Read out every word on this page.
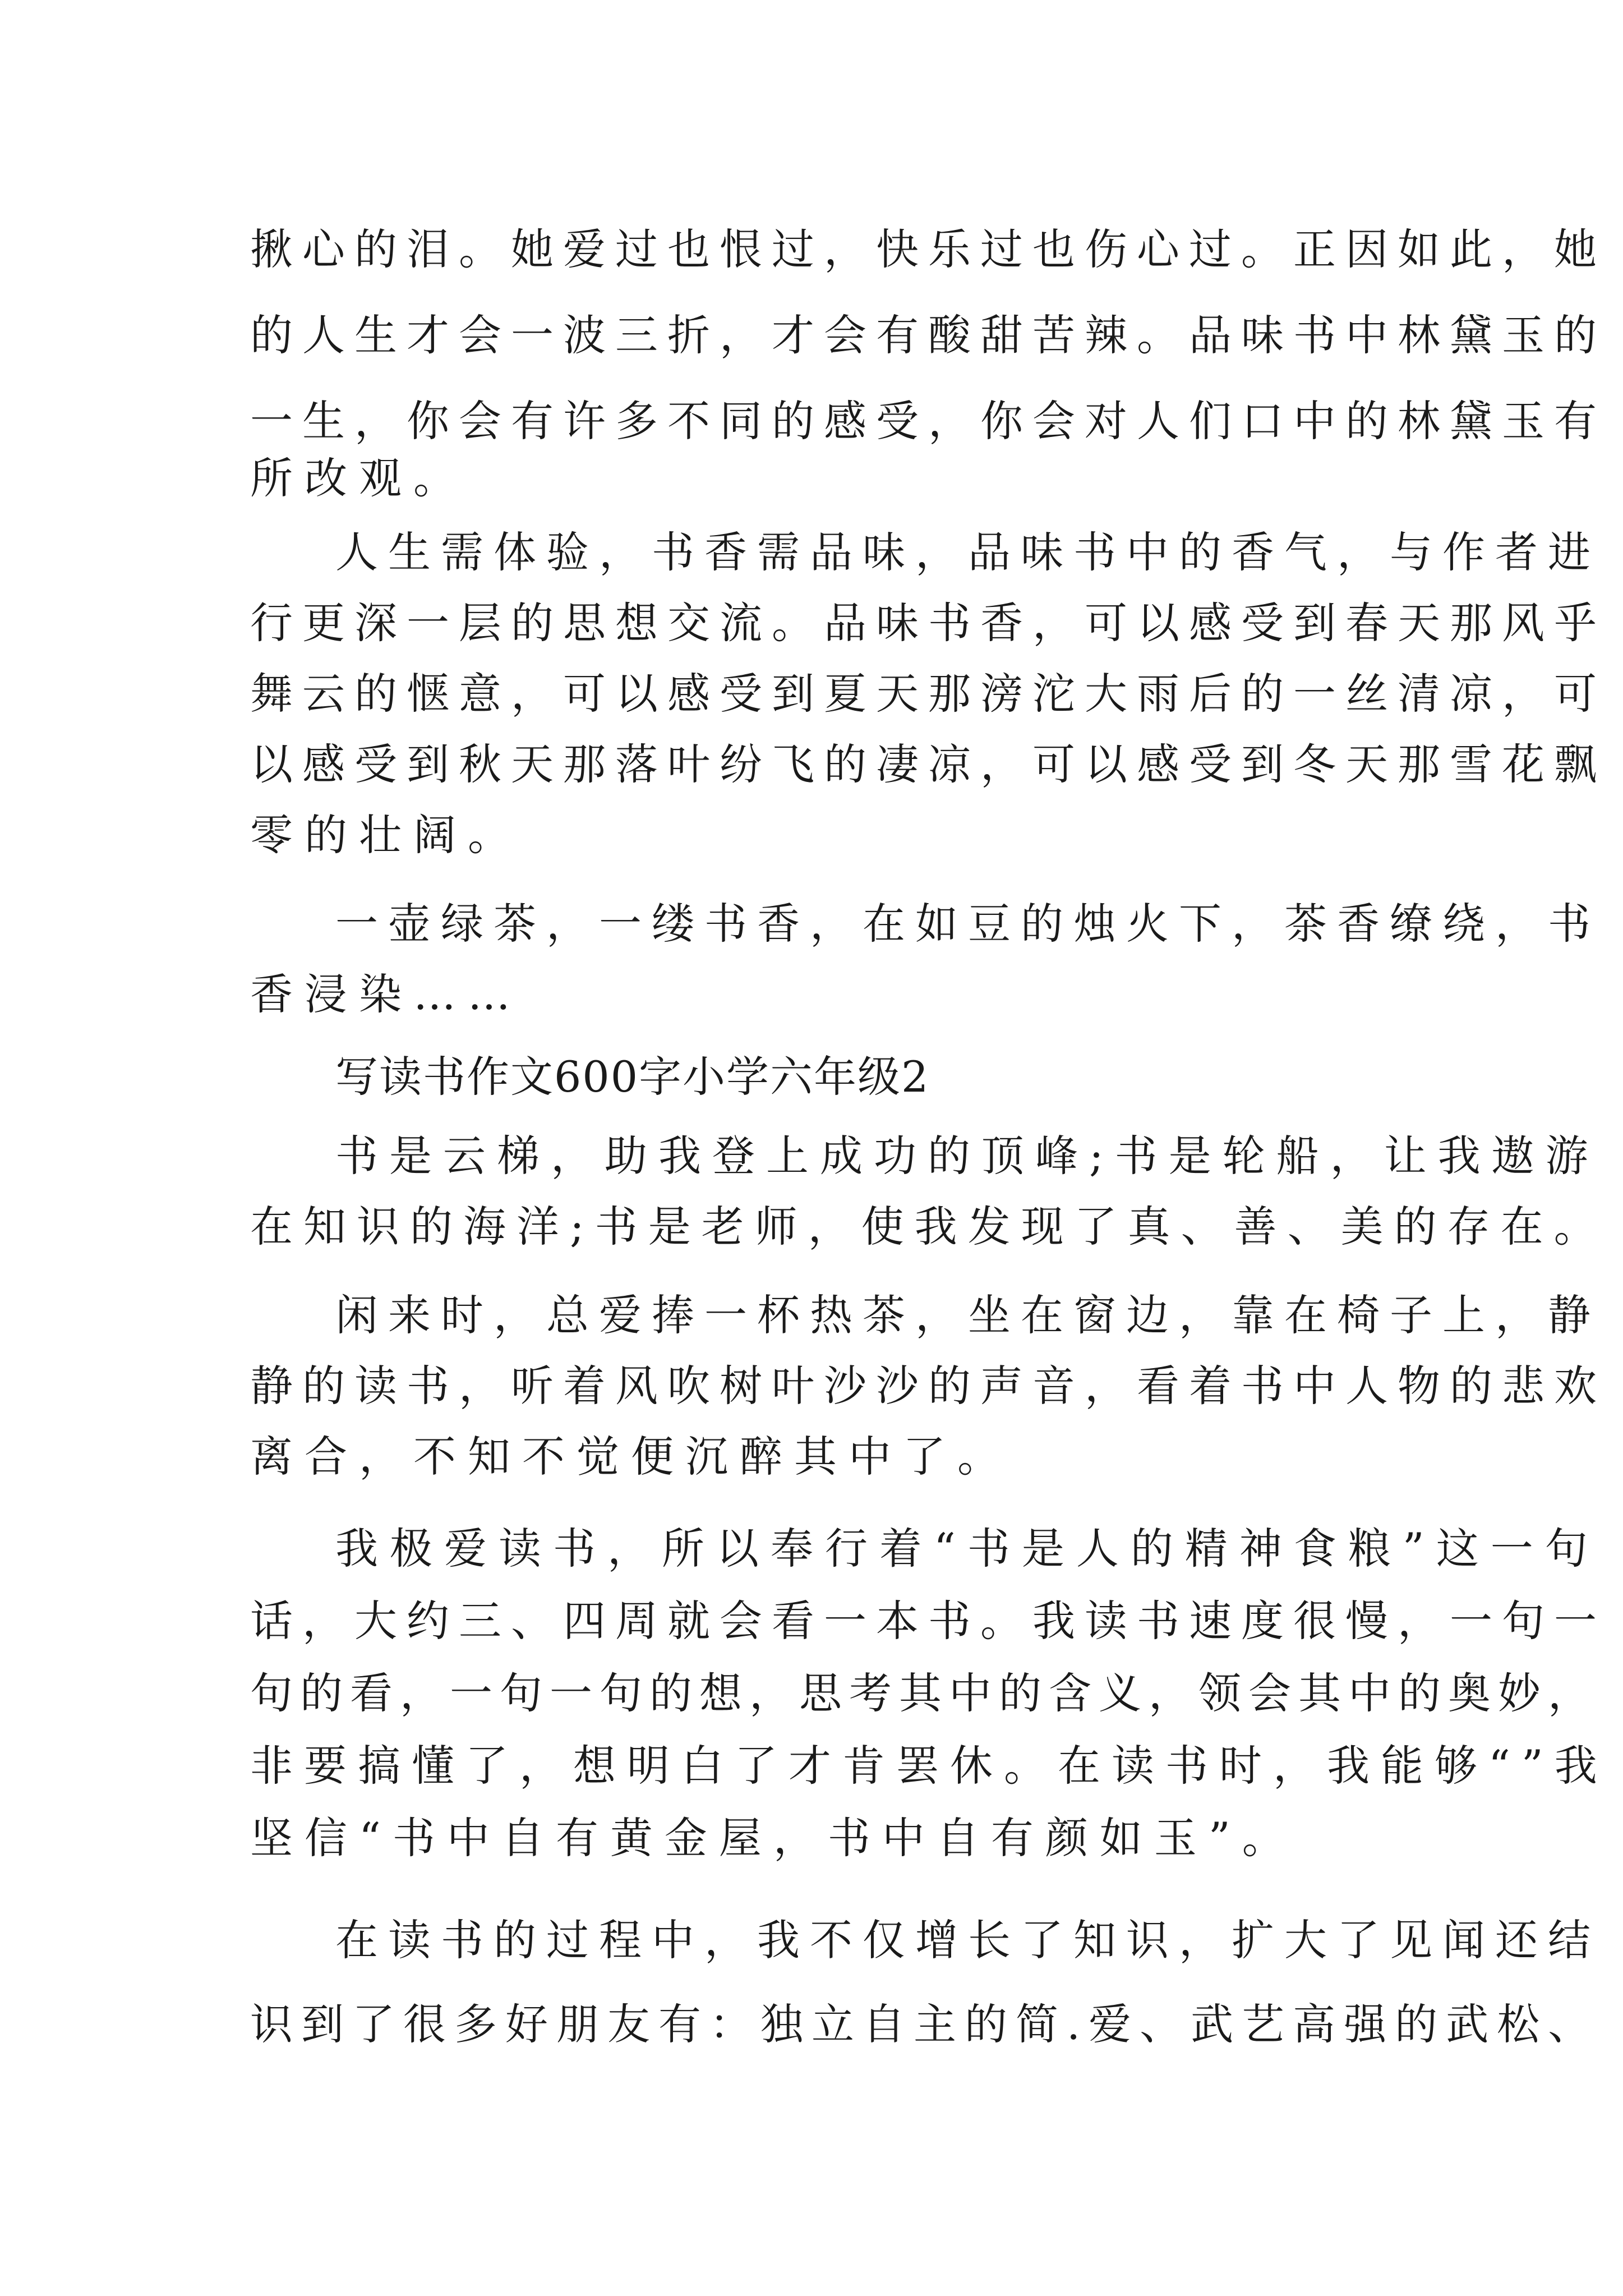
揪心的泪。她爱过也恨过，快乐过也伤心过。正因如此，她
的人生才会一波三折，才会有酸甜苦辣。品味书中林黛玉的
一生，你会有许多不同的感受，你会对人们口中的林黛玉有
所改观。
人生需体验，书香需品味，品味书中的香气，与作者进
行更深一层的思想交流。品味书香，可以感受到春天那风乎
舞云的惬意，可以感受到夏天那滂沱大雨后的一丝清凉，可
以感受到秋天那落叶纷飞的凄凉，可以感受到冬天那雪花飘
零的壮阔。
一壶绿茶，一缕书香，在如豆的烛火下，茶香缭绕，书
香浸染……
写读书作文600字小学六年级2
书是云梯，助我登上成功的顶峰;书是轮船，让我遨游
在知识的海洋;书是老师，使我发现了真、善、美的存在。
闲来时，总爱捧一杯热茶，坐在窗边，靠在椅子上，静
静的读书，听着风吹树叶沙沙的声音，看着书中人物的悲欢
离合，不知不觉便沉醉其中了。
我极爱读书，所以奉行着“书是人的精神食粮”这一句
话，大约三、四周就会看一本书。我读书速度很慢，一句一
句的看，一句一句的想，思考其中的含义，领会其中的奥妙，
非要搞懂了，想明白了才肯罢休。在读书时，我能够“”我
坚信“书中自有黄金屋，书中自有颜如玉”。
在读书的过程中，我不仅增长了知识，扩大了见闻还结
识到了很多好朋友有：独立自主的简.爱、武艺高强的武松、
